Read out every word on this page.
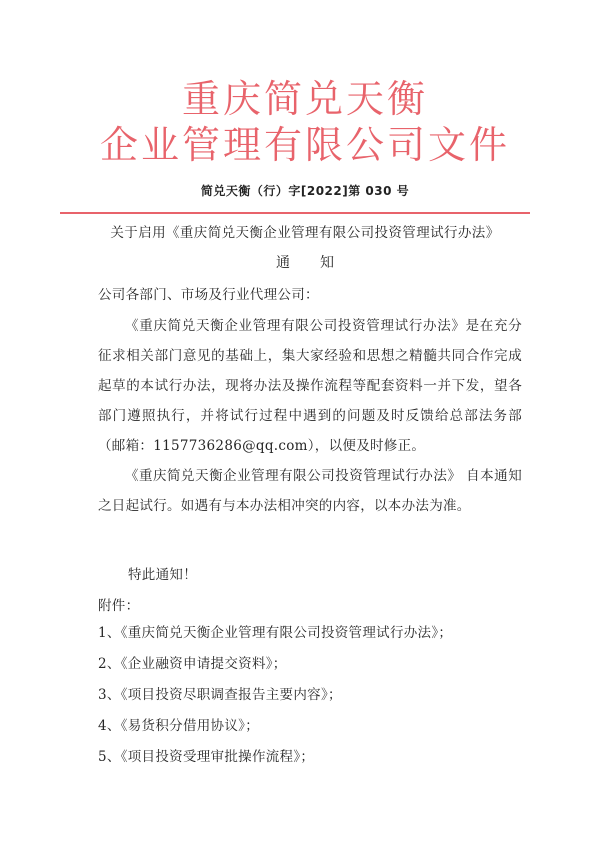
重庆简兑天衡
企业管理有限公司文件
简兑天衡（行）字[2022]第 030 号
关于启用《重庆简兑天衡企业管理有限公司投资管理试行办法》
通知
公司各部门、市场及行业代理公司：
《重庆简兑天衡企业管理有限公司投资管理试行办法》是在充分征求相关部门意见的基础上，集大家经验和思想之精髓共同合作完成起草的本试行办法，现将办法及操作流程等配套资料一并下发，望各部门遵照执行，并将试行过程中遇到的问题及时反馈给总部法务部（邮箱：1157736286@qq.com），以便及时修正。
《重庆简兑天衡企业管理有限公司投资管理试行办法》 自本通知之日起试行。如遇有与本办法相冲突的内容，以本办法为准。
特此通知！
附件：
1、《重庆简兑天衡企业管理有限公司投资管理试行办法》；
2、《企业融资申请提交资料》；
3、《项目投资尽职调查报告主要内容》；
4、《易货积分借用协议》；
5、《项目投资受理审批操作流程》；
